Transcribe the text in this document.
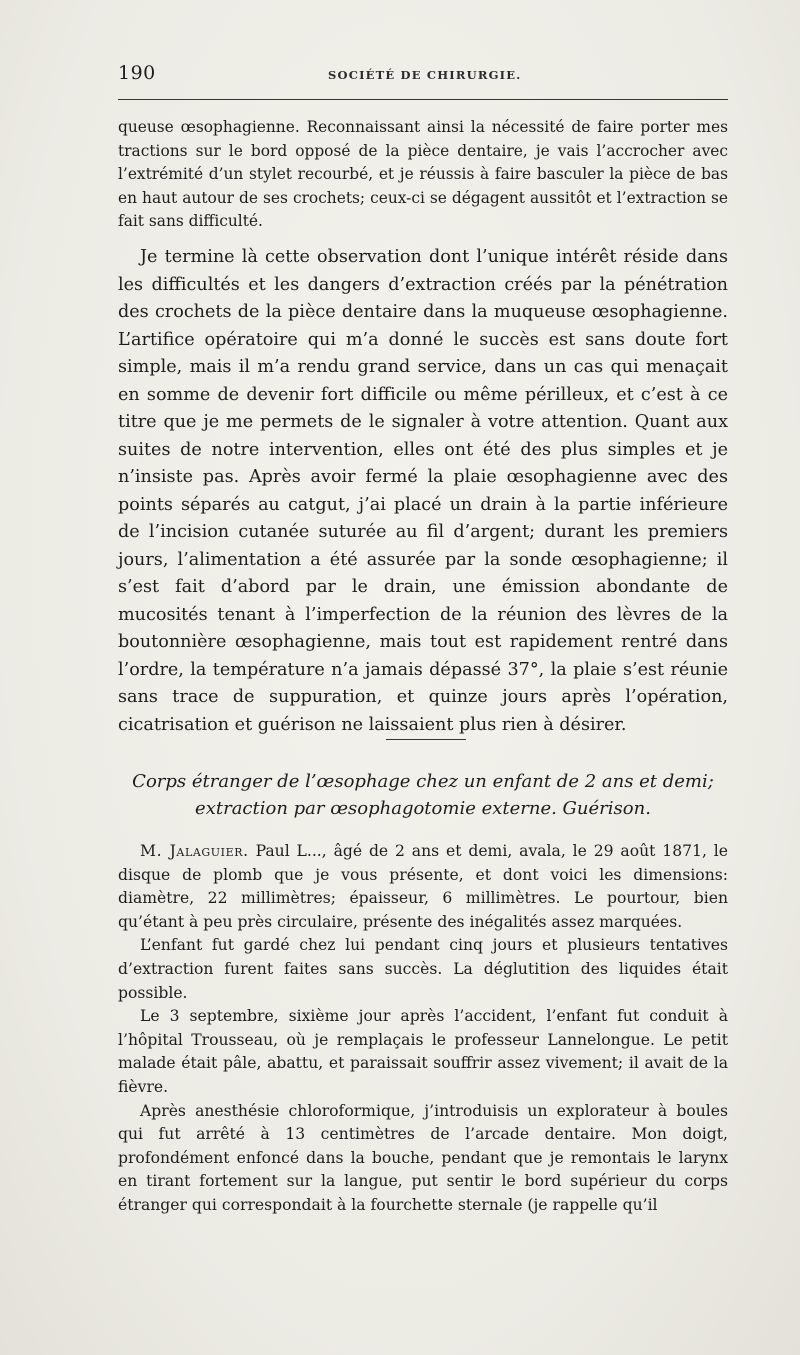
190	SOCIÉTÉ DE CHIRURGIE.

queuse œsophagienne. Reconnaissant ainsi la nécessité de faire porter mes tractions sur le bord opposé de la pièce dentaire, je vais l’accrocher avec l’extrémité d’un stylet recourbé, et je réussis à faire basculer la pièce de bas en haut autour de ses crochets; ceux-ci se dégagent aussitôt et l’extraction se fait sans difficulté.

Je termine là cette observation dont l’unique intérêt réside dans les difficultés et les dangers d’extraction créés par la pénétration des crochets de la pièce dentaire dans la muqueuse œsophagienne. L’artifice opératoire qui m’a donné le succès est sans doute fort simple, mais il m’a rendu grand service, dans un cas qui menaçait en somme de devenir fort difficile ou même périlleux, et c’est à ce titre que je me permets de le signaler à votre attention. Quant aux suites de notre intervention, elles ont été des plus simples et je n’insiste pas. Après avoir fermé la plaie œsophagienne avec des points séparés au catgut, j’ai placé un drain à la partie inférieure de l’incision cutanée suturée au fil d’argent; durant les premiers jours, l’alimentation a été assurée par la sonde œsophagienne; il s’est fait d’abord par le drain, une émission abondante de mucosités tenant à l’imperfection de la réunion des lèvres de la boutonnière œsophagienne, mais tout est rapidement rentré dans l’ordre, la température n’a jamais dépassé 37°, la plaie s’est réunie sans trace de suppuration, et quinze jours après l’opération, cicatrisation et guérison ne laissaient plus rien à désirer.

Corps étranger de l’œsophage chez un enfant de 2 ans et demi;
extraction par œsophagotomie externe. Guérison.

M. Jalaguier. Paul L..., âgé de 2 ans et demi, avala, le 29 août 1871, le disque de plomb que je vous présente, et dont voici les dimensions: diamètre, 22 millimètres; épaisseur, 6 millimètres. Le pourtour, bien qu’étant à peu près circulaire, présente des inégalités assez marquées.

L’enfant fut gardé chez lui pendant cinq jours et plusieurs tentatives d’extraction furent faites sans succès. La déglutition des liquides était possible.

Le 3 septembre, sixième jour après l’accident, l’enfant fut conduit à l’hôpital Trousseau, où je remplaçais le professeur Lannelongue. Le petit malade était pâle, abattu, et paraissait souffrir assez vivement; il avait de la fièvre.

Après anesthésie chloroformique, j’introduisis un explorateur à boules qui fut arrêté à 13 centimètres de l’arcade dentaire. Mon doigt, profondément enfoncé dans la bouche, pendant que je remontais le larynx en tirant fortement sur la langue, put sentir le bord supérieur du corps étranger qui correspondait à la fourchette sternale (je rappelle qu’il
